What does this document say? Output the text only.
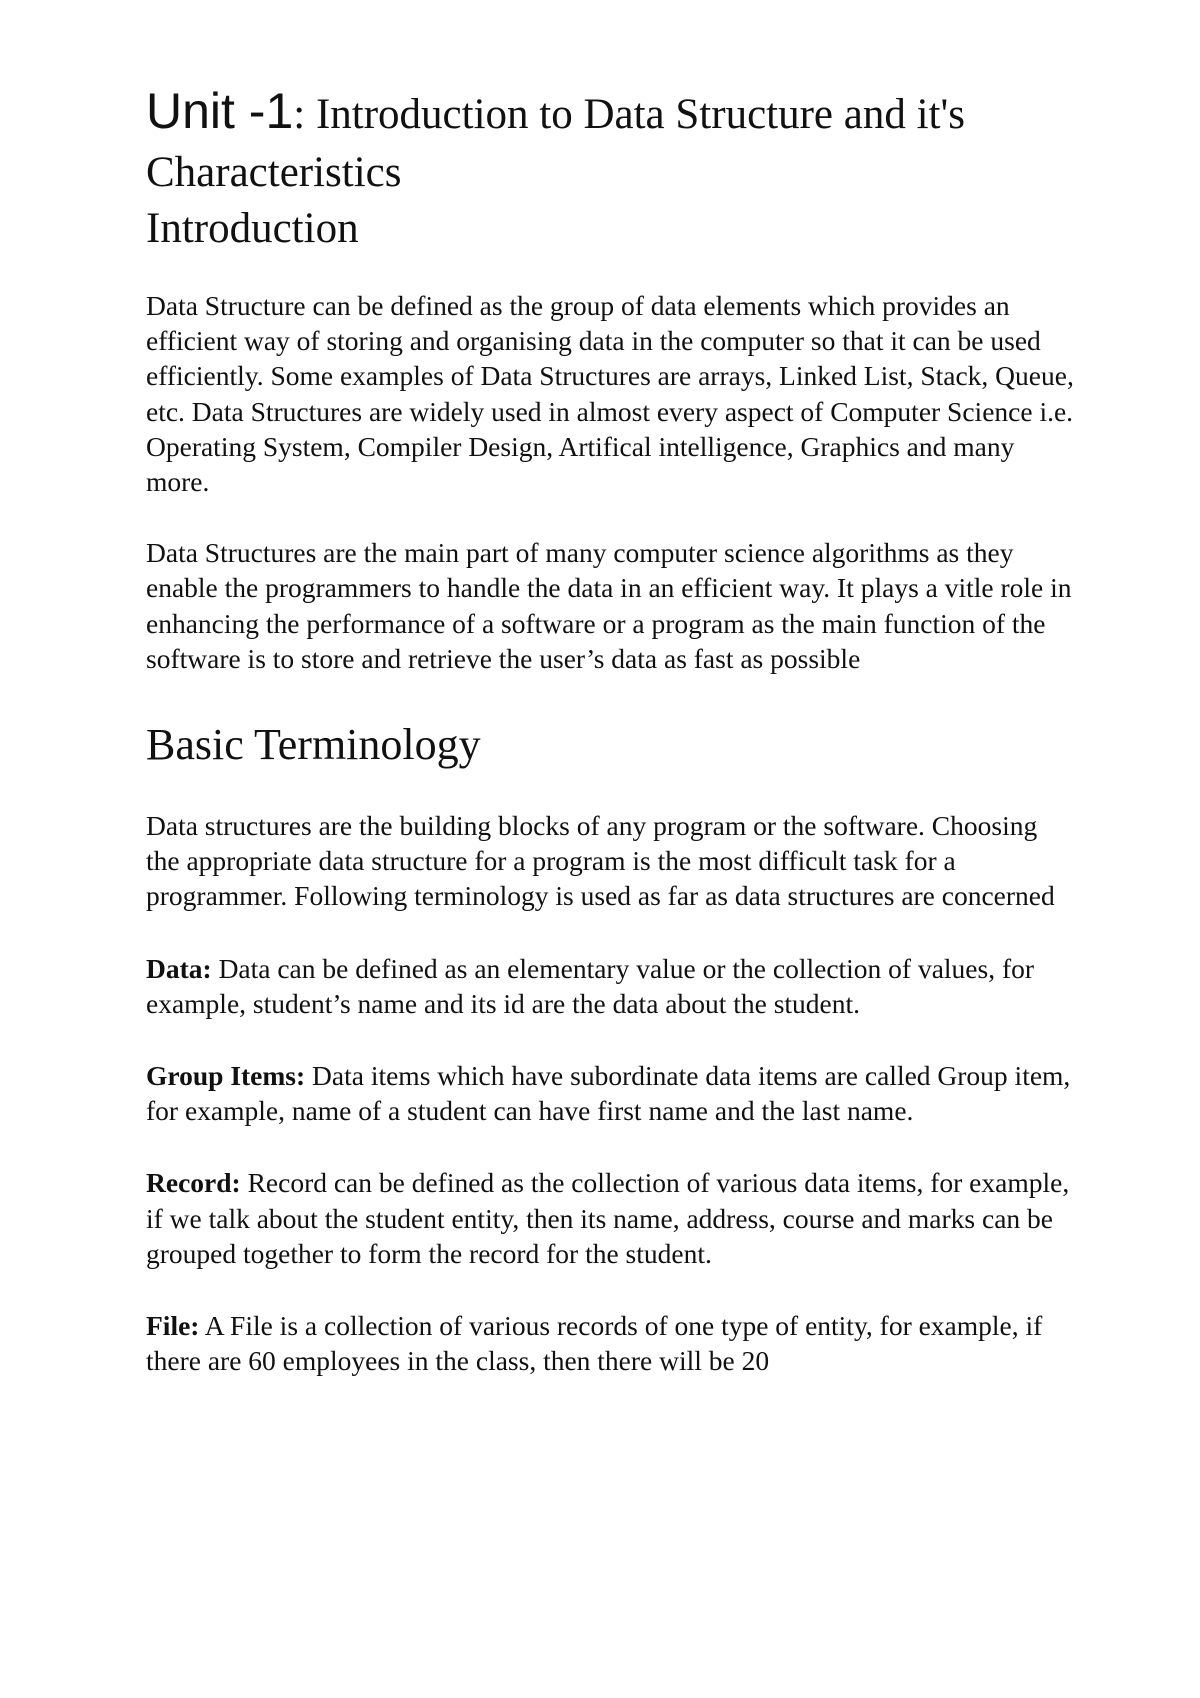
Unit -1: Introduction to Data Structure and it's Characteristics
Introduction

Data Structure can be defined as the group of data elements which provides an efficient way of storing and organising data in the computer so that it can be used efficiently. Some examples of Data Structures are arrays, Linked List, Stack, Queue, etc. Data Structures are widely used in almost every aspect of Computer Science i.e. Operating System, Compiler Design, Artifical intelligence, Graphics and many more.

Data Structures are the main part of many computer science algorithms as they enable the programmers to handle the data in an efficient way. It plays a vitle role in enhancing the performance of a software or a program as the main function of the software is to store and retrieve the user’s data as fast as possible

Basic Terminology

Data structures are the building blocks of any program or the software. Choosing the appropriate data structure for a program is the most difficult task for a programmer. Following terminology is used as far as data structures are concerned

Data: Data can be defined as an elementary value or the collection of values, for example, student’s name and its id are the data about the student.

Group Items: Data items which have subordinate data items are called Group item, for example, name of a student can have first name and the last name.

Record: Record can be defined as the collection of various data items, for example, if we talk about the student entity, then its name, address, course and marks can be grouped together to form the record for the student.

File: A File is a collection of various records of one type of entity, for example, if there are 60 employees in the class, then there will be 20
